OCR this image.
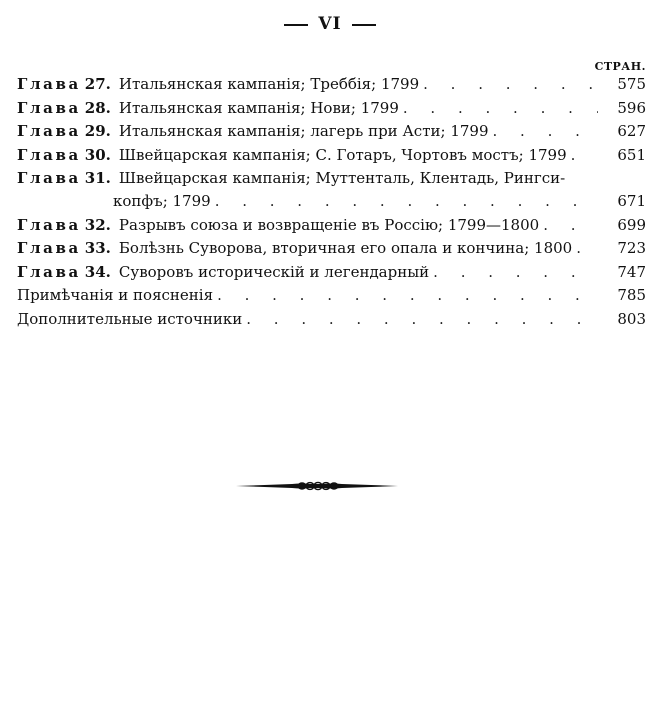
VI
СТРАН.
Глава 27. Итальянская кампанія; Треббія; 1799 . . .	575
Глава 28. Итальянская кампанія; Нови; 1799 . . .	596
Глава 29. Итальянская кампанія; лагерь при Асти; 1799 . . .	627
Глава 30. Швейцарская кампанія; С. Готаръ, Чортовъ мостъ; 1799 . . .	651
Глава 31. Швейцарская кампанія; Муттенталь, Клентадь, Рингси-
копфъ; 1799 . . .	671
Глава 32. Разрывъ союза и возвращеніе въ Россію; 1799—1800 . . .	699
Глава 33. Болѣзнь Суворова, вторичная его опала и кончина; 1800 . . .	723
Глава 34. Суворовъ историческій и легендарный . . .	747
Примѣчанія и поясненія . . .	785
Дополнительные источники . . .	803
